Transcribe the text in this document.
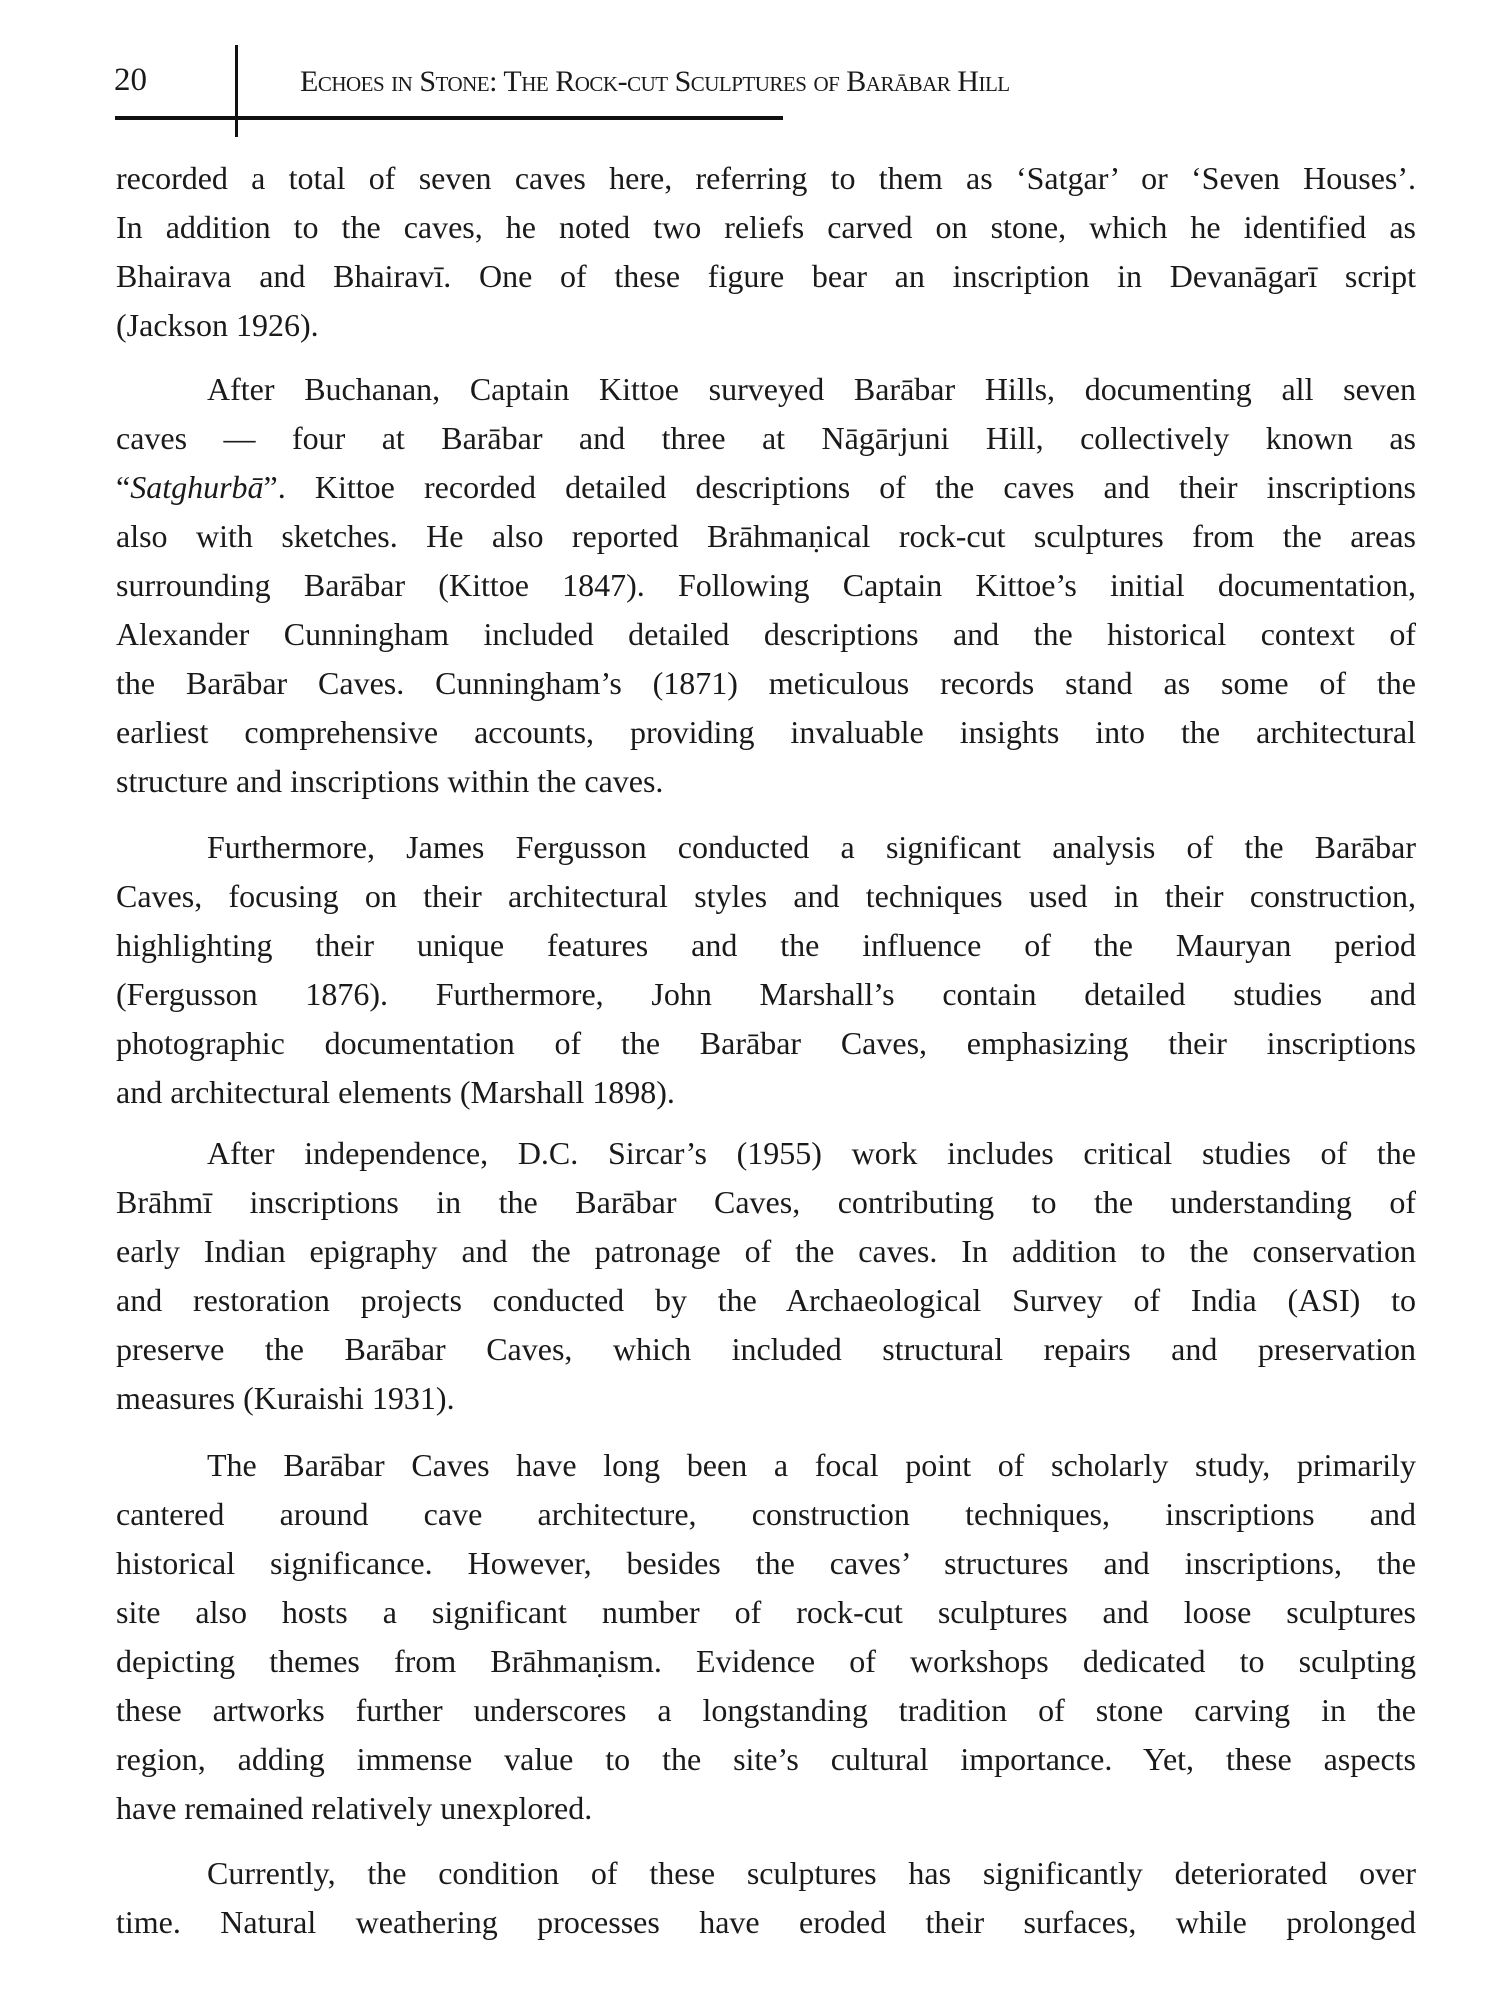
20	Echoes in Stone: The Rock-cut Sculptures of Barābar Hill
recorded a total of seven caves here, referring to them as ‘Satgar’ or ‘Seven Houses’.
In addition to the caves, he noted two reliefs carved on stone, which he identified as
Bhairava and Bhairavī. One of these figure bear an inscription in Devanāgarī script
(Jackson 1926).
After Buchanan, Captain Kittoe surveyed Barābar Hills, documenting all seven
caves — four at Barābar and three at Nāgārjuni Hill, collectively known as
“Satghurbā”. Kittoe recorded detailed descriptions of the caves and their inscriptions
also with sketches. He also reported Brāhmaṇical rock-cut sculptures from the areas
surrounding Barābar (Kittoe 1847). Following Captain Kittoe’s initial documentation,
Alexander Cunningham included detailed descriptions and the historical context of
the Barābar Caves. Cunningham’s (1871) meticulous records stand as some of the
earliest comprehensive accounts, providing invaluable insights into the architectural
structure and inscriptions within the caves.
Furthermore, James Fergusson conducted a significant analysis of the Barābar
Caves, focusing on their architectural styles and techniques used in their construction,
highlighting their unique features and the influence of the Mauryan period
(Fergusson 1876). Furthermore, John Marshall’s contain detailed studies and
photographic documentation of the Barābar Caves, emphasizing their inscriptions
and architectural elements (Marshall 1898).
After independence, D.C. Sircar’s (1955) work includes critical studies of the
Brāhmī inscriptions in the Barābar Caves, contributing to the understanding of
early Indian epigraphy and the patronage of the caves. In addition to the conservation
and restoration projects conducted by the Archaeological Survey of India (ASI) to
preserve the Barābar Caves, which included structural repairs and preservation
measures (Kuraishi 1931).
The Barābar Caves have long been a focal point of scholarly study, primarily
cantered around cave architecture, construction techniques, inscriptions and
historical significance. However, besides the caves’ structures and inscriptions, the
site also hosts a significant number of rock-cut sculptures and loose sculptures
depicting themes from Brāhmaṇism. Evidence of workshops dedicated to sculpting
these artworks further underscores a longstanding tradition of stone carving in the
region, adding immense value to the site’s cultural importance. Yet, these aspects
have remained relatively unexplored.
Currently, the condition of these sculptures has significantly deteriorated over
time. Natural weathering processes have eroded their surfaces, while prolonged
